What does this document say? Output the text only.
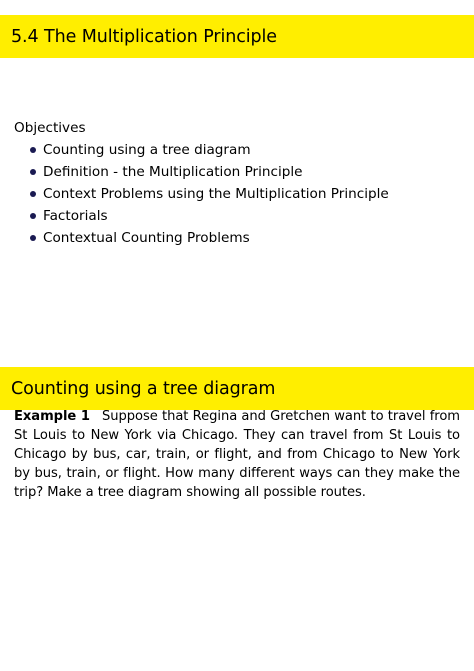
5.4 The Multiplication Principle
Objectives
Counting using a tree diagram
Definition - the Multiplication Principle
Context Problems using the Multiplication Principle
Factorials
Contextual Counting Problems
Counting using a tree diagram
Example 1 Suppose that Regina and Gretchen want to travel from St Louis to New York via Chicago. They can travel from St Louis to Chicago by bus, car, train, or flight, and from Chicago to New York by bus, train, or flight. How many different ways can they make the trip? Make a tree diagram showing all possible routes.
